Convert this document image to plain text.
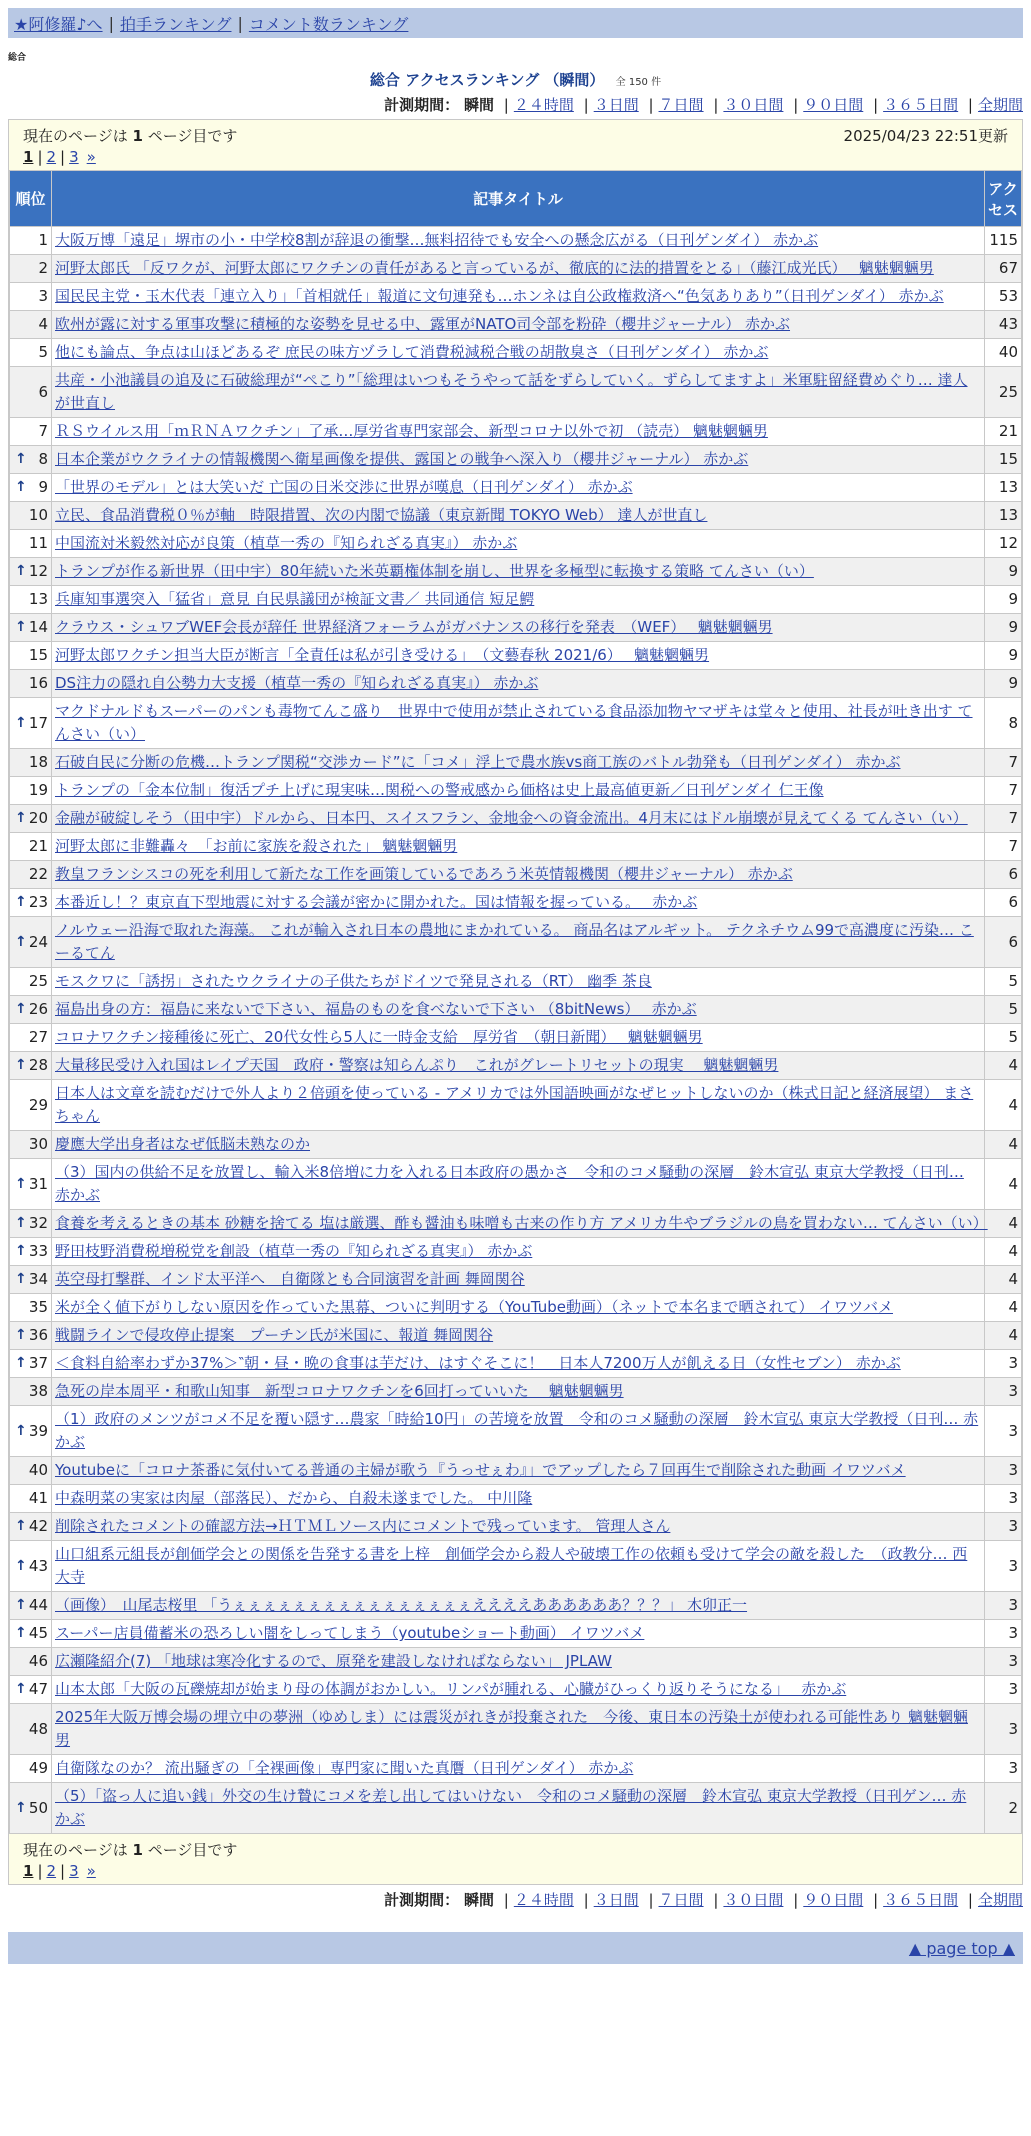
★阿修羅♪へ | 拍手ランキング | コメント数ランキング
総合
総合 アクセスランキング （瞬間） 全 150 件
計測期間： 瞬間 | ２４時間 | ３日間 | ７日間 | ３０日間 | ９０日間 | ３６５日間 | 全期間
現在のページは 1 ページ目です	2025/04/23 22:51更新
1 | 2 | 3 »
順位	記事タイトル	アクセス
1	大阪万博「遠足」堺市の小・中学校8割が辞退の衝撃…無料招待でも安全への懸念広がる（日刊ゲンダイ） 赤かぶ	115
2	河野太郎氏 「反ワクが、河野太郎にワクチンの責任があると言っているが、徹底的に法的措置をとる」（藤江成光氏）　 魑魅魍魎男	67
3	国民民主党・玉木代表「連立入り」「首相就任」報道に文句連発も…ホンネは自公政権救済へ“色気ありあり”（日刊ゲンダイ） 赤かぶ	53
4	欧州が露に対する軍事攻撃に積極的な姿勢を見せる中、露軍がNATO司令部を粉砕（櫻井ジャーナル） 赤かぶ	43
5	他にも論点、争点は山ほどあるぞ 庶民の味方ヅラして消費税減税合戦の胡散臭さ（日刊ゲンダイ） 赤かぶ	40
6	共産・小池議員の追及に石破総理が“ぺこり”「総理はいつもそうやって話をずらしていく。ずらしてますよ」米軍駐留経費めぐり… 達人が世直し	25
7	ＲＳウイルス用「ｍＲＮＡワクチン」了承…厚労省専門家部会、新型コロナ以外で初 （読売） 魑魅魍魎男	21

↑ 8	日本企業がウクライナの情報機関へ衛星画像を提供、露国との戦争へ深入り（櫻井ジャーナル） 赤かぶ	15

↑ 9	「世界のモデル」とは大笑いだ 亡国の日米交渉に世界が嘆息（日刊ゲンダイ） 赤かぶ	13
10	立民、食品消費税０％が軸　時限措置、次の内閣で協議（東京新聞 TOKYO Web） 達人が世直し	13
11	中国流対米毅然対応が良策（植草一秀の『知られざる真実』） 赤かぶ	12

↑ 12	トランプが作る新世界（田中宇）80年続いた米英覇権体制を崩し、世界を多極型に転換する策略 てんさい（い）	9
13	兵庫知事選突入「猛省」意見 自民県議団が検証文書／ 共同通信 短足鰐	9

↑ 14	クラウス・シュワブWEF会長が辞任 世界経済フォーラムがガバナンスの移行を発表　（WEF）　 魑魅魍魎男	9
15	河野太郎ワクチン担当大臣が断言「全責任は私が引き受ける」　（文藝春秋 2021/6）　 魑魅魍魎男	9
16	DS注力の隠れ自公勢力大支援（植草一秀の『知られざる真実』） 赤かぶ	9

↑ 17	マクドナルドもスーパーのパンも毒物てんこ盛り　世界中で使用が禁止されている食品添加物ヤマザキは堂々と使用、社長が吐き出す てんさい（い）	8
18	石破自民に分断の危機…トランプ関税“交渉カード”に「コメ」浮上で農水族vs商工族のバトル勃発も（日刊ゲンダイ） 赤かぶ	7
19	トランプの「金本位制」復活プチ上げに現実味…関税への警戒感から価格は史上最高値更新／日刊ゲンダイ 仁王像	7

↑ 20	金融が破綻しそう（田中宇）ドルから、日本円、スイスフラン、金地金への資金流出。4月末にはドル崩壊が見えてくる てんさい（い）	7
21	河野太郎に非難轟々　「お前に家族を殺された」 魑魅魍魎男	7
22	教皇フランシスコの死を利用して新たな工作を画策しているであろう米英情報機関（櫻井ジャーナル） 赤かぶ	6

↑ 23	本番近し！？東京直下型地震に対する会議が密かに開かれた。国は情報を握っている。　 赤かぶ	6

↑ 24	ノルウェー沿海で取れた海藻。 これが輸入され日本の農地にまかれている。 商品名はアルギット。 テクネチウム99で高濃度に汚染… こーるてん	6
25	モスクワに「誘拐」されたウクライナの子供たちがドイツで発見される（RT） 幽季 茶良	5

↑ 26	福島出身の方：福島に来ないで下さい、福島のものを食べないで下さい （8bitNews）　 赤かぶ	5
27	コロナワクチン接種後に死亡、20代女性ら5人に一時金支給　厚労省　（朝日新聞）　 魑魅魍魎男	5

↑ 28	大量移民受け入れ国はレイプ天国　政府・警察は知らんぷり　これがグレートリセットの現実　 魑魅魍魎男	4
29	日本人は文章を読むだけで外人より２倍頭を使っている - アメリカでは外国語映画がなぜヒットしないのか（株式日記と経済展望） まさちゃん	4
30	慶應大学出身者はなぜ低脳未熟なのか	4

↑ 31	（3）国内の供給不足を放置し、輸入米8倍増に力を入れる日本政府の愚かさ　令和のコメ騒動の深層　鈴木宣弘 東京大学教授（日刊… 赤かぶ	4

↑ 32	食養を考えるときの基本 砂糖を捨てる 塩は厳選、酢も醤油も味噌も古来の作り方 アメリカ牛やブラジルの鳥を買わない… てんさい（い）	4

↑ 33	野田枝野消費税増税党を創設（植草一秀の『知られざる真実』） 赤かぶ	4

↑ 34	英空母打撃群、インド太平洋へ　自衛隊とも合同演習を計画 舞岡関谷	4
35	米が全く値下がりしない原因を作っていた黒幕、ついに判明する（YouTube動画）（ネットで本名まで晒されて） イワツバメ	4

↑ 36	戦闘ラインで侵攻停止提案　プーチン氏が米国に、報道 舞岡関谷	4

↑ 37	＜食料自給率わずか37%＞‶朝・昼・晩の食事は芋だけ、はすぐそこに！　日本人7200万人が飢える日（女性セブン） 赤かぶ	3
38	急死の岸本周平・和歌山知事　新型コロナワクチンを6回打っていいた　 魑魅魍魎男	3

↑ 39	（1）政府のメンツがコメ不足を覆い隠す…農家「時給10円」の苦境を放置　令和のコメ騒動の深層　鈴木宣弘 東京大学教授（日刊… 赤かぶ	3
40	Youtubeに「コロナ茶番に気付いてる普通の主婦が歌う『うっせぇわ』」でアップしたら７回再生で削除された動画 イワツバメ	3
41	中森明菜の実家は肉屋（部落民）、だから、自殺未遂までした。 中川隆	3

↑ 42	削除されたコメントの確認方法→ＨＴＭＬソース内にコメントで残っています。 管理人さん	3

↑ 43	山口組系元組長が創価学会との関係を告発する書を上梓　創価学会から殺人や破壊工作の依頼も受けて学会の敵を殺した　（政教分… 西大寺	3

↑ 44	（画像）　山尾志桜里 「うぇぇぇぇぇぇぇぇぇぇぇぇぇぇぇぇええええああああああ？？？」 木卯正一	3

↑ 45	スーパー店員備蓄米の恐ろしい闇をしってしまう（youtubeショート動画） イワツバメ	3
46	広瀬隆紹介(7) 「地球は寒冷化するので、原発を建設しなければならない」 JPLAW	3

↑ 47	山本太郎「大阪の瓦礫焼却が始まり母の体調がおかしい。リンパが腫れる、心臓がひっくり返りそうになる」　 赤かぶ	3
48	2025年大阪万博会場の埋立中の夢洲（ゆめしま）には震災がれきが投棄された　今後、東日本の汚染土が使われる可能性あり 魑魅魍魎男	3
49	自衛隊なのか？ 流出騒ぎの「全裸画像」専門家に聞いた真贋（日刊ゲンダイ） 赤かぶ	3

↑ 50	（5）「盗っ人に追い銭」外交の生け贄にコメを差し出してはいけない　令和のコメ騒動の深層　鈴木宣弘 東京大学教授（日刊ゲン… 赤かぶ	2
現在のページは 1 ページ目です
1 | 2 | 3 »
計測期間： 瞬間 | ２４時間 | ３日間 | ７日間 | ３０日間 | ９０日間 | ３６５日間 | 全期間
▲ page top ▲
